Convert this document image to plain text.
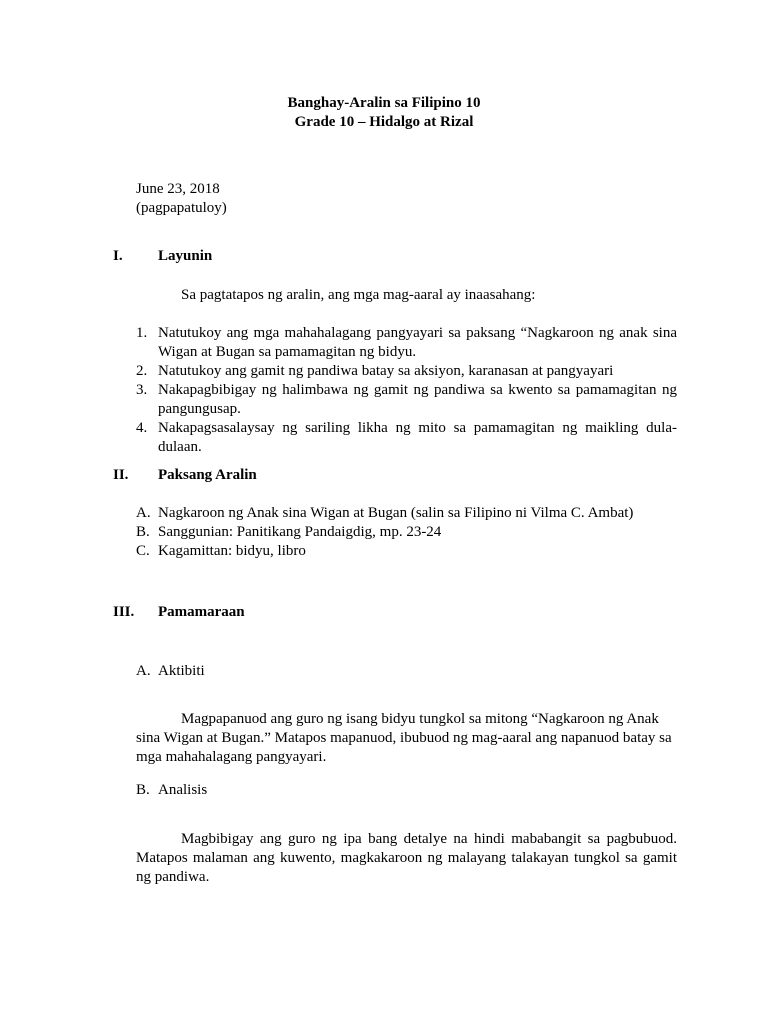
Banghay-Aralin sa Filipino 10
Grade 10 – Hidalgo at Rizal
June 23, 2018
(pagpapatuloy)
I. Layunin
Sa pagtatapos ng aralin, ang mga mag-aaral ay inaasahang:
1. Natutukoy ang mga mahahalagang pangyayari sa paksang “Nagkaroon ng anak sina Wigan at Bugan sa pamamagitan ng bidyu.
2. Natutukoy ang gamit ng pandiwa batay sa aksiyon, karanasan at pangyayari
3. Nakapagbibigay ng halimbawa ng gamit ng pandiwa sa kwento sa pamamagitan ng pangungusap.
4. Nakapagsasalaysay ng sariling likha ng mito sa pamamagitan ng maikling dula-dulaan.
II. Paksang Aralin
A. Nagkaroon ng Anak sina Wigan at Bugan (salin sa Filipino ni Vilma C. Ambat)
B. Sanggunian: Panitikang Pandaigdig, mp. 23-24
C. Kagamittan: bidyu, libro
III. Pamamaraan
A. Aktibiti
Magpapanuod ang guro ng isang bidyu tungkol sa mitong “Nagkaroon ng Anak sina Wigan at Bugan.” Matapos mapanuod, ibubuod ng mag-aaral ang napanuod batay sa mga mahahalagang pangyayari.
B. Analisis
Magbibigay ang guro ng ipa bang detalye na hindi mababangit sa pagbubuod. Matapos malaman ang kuwento, magkakaroon ng malayang talakayan tungkol sa gamit ng pandiwa.
